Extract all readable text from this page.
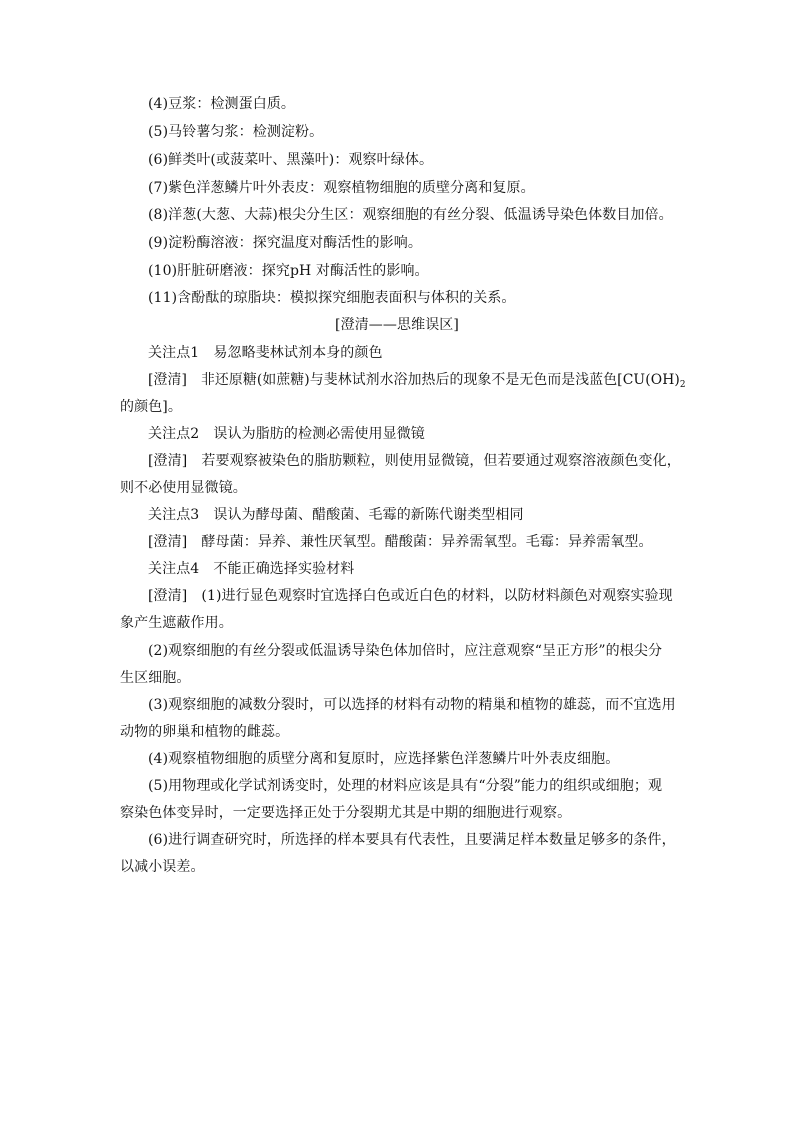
(4)豆浆：检测蛋白质。
(5)马铃薯匀浆：检测淀粉。
(6)鲜类叶(或菠菜叶、黑藻叶)：观察叶绿体。
(7)紫色洋葱鳞片叶外表皮：观察植物细胞的质壁分离和复原。
(8)洋葱(大葱、大蒜)根尖分生区：观察细胞的有丝分裂、低温诱导染色体数目加倍。
(9)淀粉酶溶液：探究温度对酶活性的影响。
(10)肝脏研磨液：探究pH 对酶活性的影响。
(11)含酚酞的琼脂块：模拟探究细胞表面积与体积的关系。
[澄清——思维误区]
关注点1　易忽略斐林试剂本身的颜色
[澄清]　非还原糖(如蔗糖)与斐林试剂水浴加热后的现象不是无色而是浅蓝色[$CU(OH)_2$
的颜色]。
关注点2　误认为脂肪的检测必需使用显微镜
[澄清]　若要观察被染色的脂肪颗粒，则使用显微镜，但若要通过观察溶液颜色变化，
则不必使用显微镜。
关注点3　误认为酵母菌、醋酸菌、毛霉的新陈代谢类型相同
[澄清]　酵母菌：异养、兼性厌氧型。醋酸菌：异养需氧型。毛霉：异养需氧型。
关注点4　不能正确选择实验材料
[澄清]　(1)进行显色观察时宜选择白色或近白色的材料，以防材料颜色对观察实验现
象产生遮蔽作用。
(2)观察细胞的有丝分裂或低温诱导染色体加倍时，应注意观察“呈正方形”的根尖分
生区细胞。
(3)观察细胞的减数分裂时，可以选择的材料有动物的精巢和植物的雄蕊，而不宜选用
动物的卵巢和植物的雌蕊。
(4)观察植物细胞的质壁分离和复原时，应选择紫色洋葱鳞片叶外表皮细胞。
(5)用物理或化学试剂诱变时，处理的材料应该是具有“分裂”能力的组织或细胞；观
察染色体变异时，一定要选择正处于分裂期尤其是中期的细胞进行观察。
(6)进行调查研究时，所选择的样本要具有代表性，且要满足样本数量足够多的条件，
以减小误差。
